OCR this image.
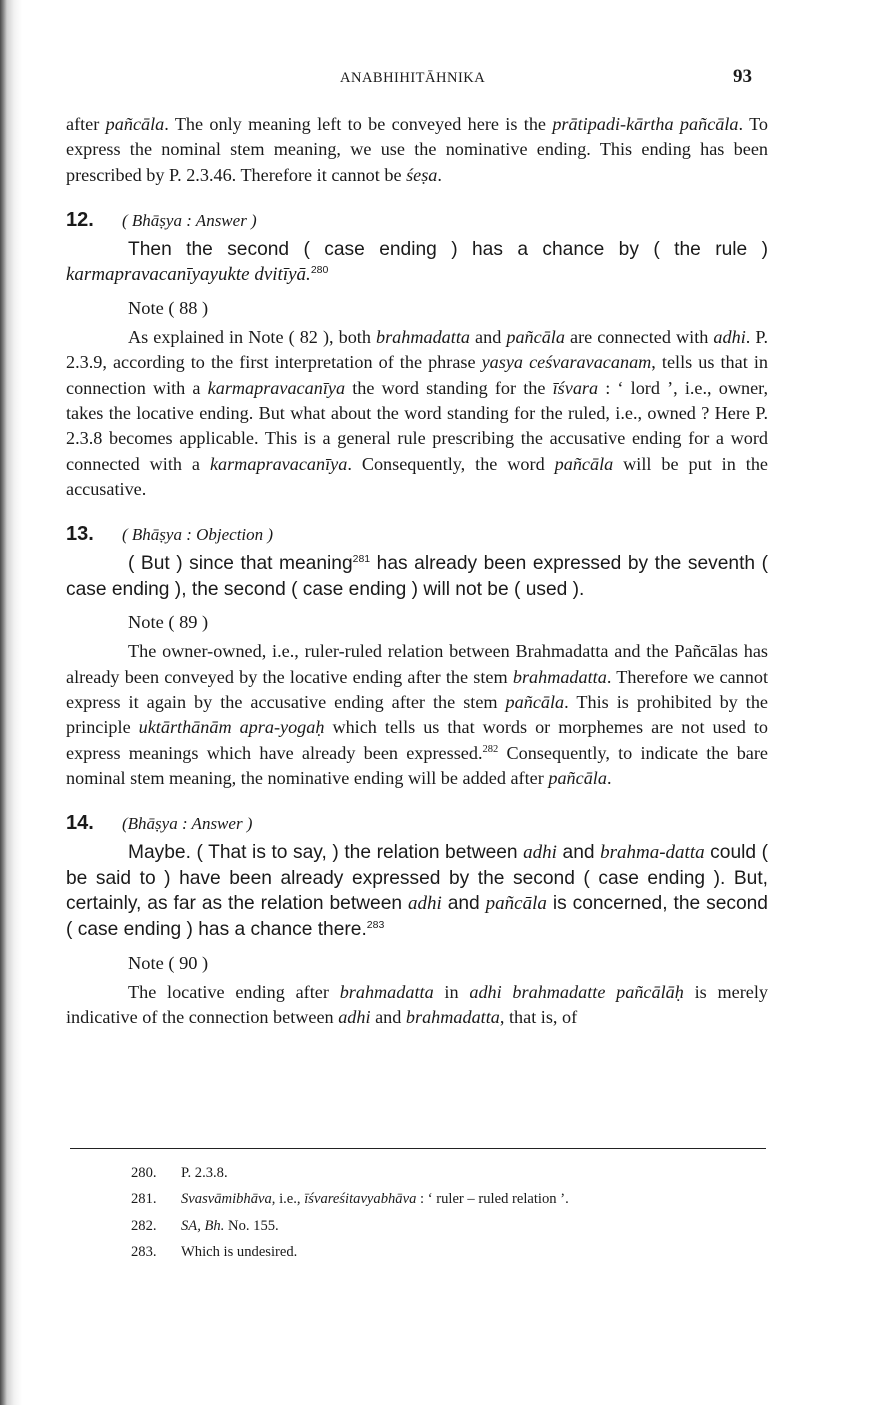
ANABHIHITĀHNIKA	93

after pañcāla. The only meaning left to be conveyed here is the prātipadi-kārtha pañcāla. To express the nominal stem meaning, we use the nominative ending. This ending has been prescribed by P. 2.3.46. Therefore it cannot be śeṣa.

12. ( Bhāṣya : Answer )

Then the second ( case ending ) has a chance by ( the rule ) karmapravacanīyayukte dvitīyā.$^{280}$

Note ( 88 )

As explained in Note ( 82 ), both brahmadatta and pañcāla are connected with adhi. P. 2.3.9, according to the first interpretation of the phrase yasya ceśvaravacanam, tells us that in connection with a karmapravacanīya the word standing for the īśvara : ‘ lord ’, i.e., owner, takes the locative ending. But what about the word standing for the ruled, i.e., owned ? Here P. 2.3.8 becomes applicable. This is a general rule prescribing the accusative ending for a word connected with a karmapravacanīya. Consequently, the word pañcāla will be put in the accusative.

13. ( Bhāṣya : Objection )

( But ) since that meaning$^{281}$ has already been expressed by the seventh ( case ending ), the second ( case ending ) will not be ( used ).

Note ( 89 )

The owner-owned, i.e., ruler-ruled relation between Brahmadatta and the Pañcālas has already been conveyed by the locative ending after the stem brahmadatta. Therefore we cannot express it again by the accusative ending after the stem pañcāla. This is prohibited by the principle uktārthānām apra-yogaḥ which tells us that words or morphemes are not used to express meanings which have already been expressed.$^{282}$ Consequently, to indicate the bare nominal stem meaning, the nominative ending will be added after pañcāla.

14. (Bhāṣya : Answer )

Maybe. ( That is to say, ) the relation between adhi and brahma-datta could ( be said to ) have been already expressed by the second ( case ending ). But, certainly, as far as the relation between adhi and pañcāla is concerned, the second ( case ending ) has a chance there.$^{283}$

Note ( 90 )

The locative ending after brahmadatta in adhi brahmadatte pañcālāḥ is merely indicative of the connection between adhi and brahmadatta, that is, of

280. P. 2.3.8.
281. Svasvāmibhāva, i.e., īśvareśitavyabhāva : ‘ ruler – ruled relation ’.
282. SA, Bh. No. 155.
283. Which is undesired.
